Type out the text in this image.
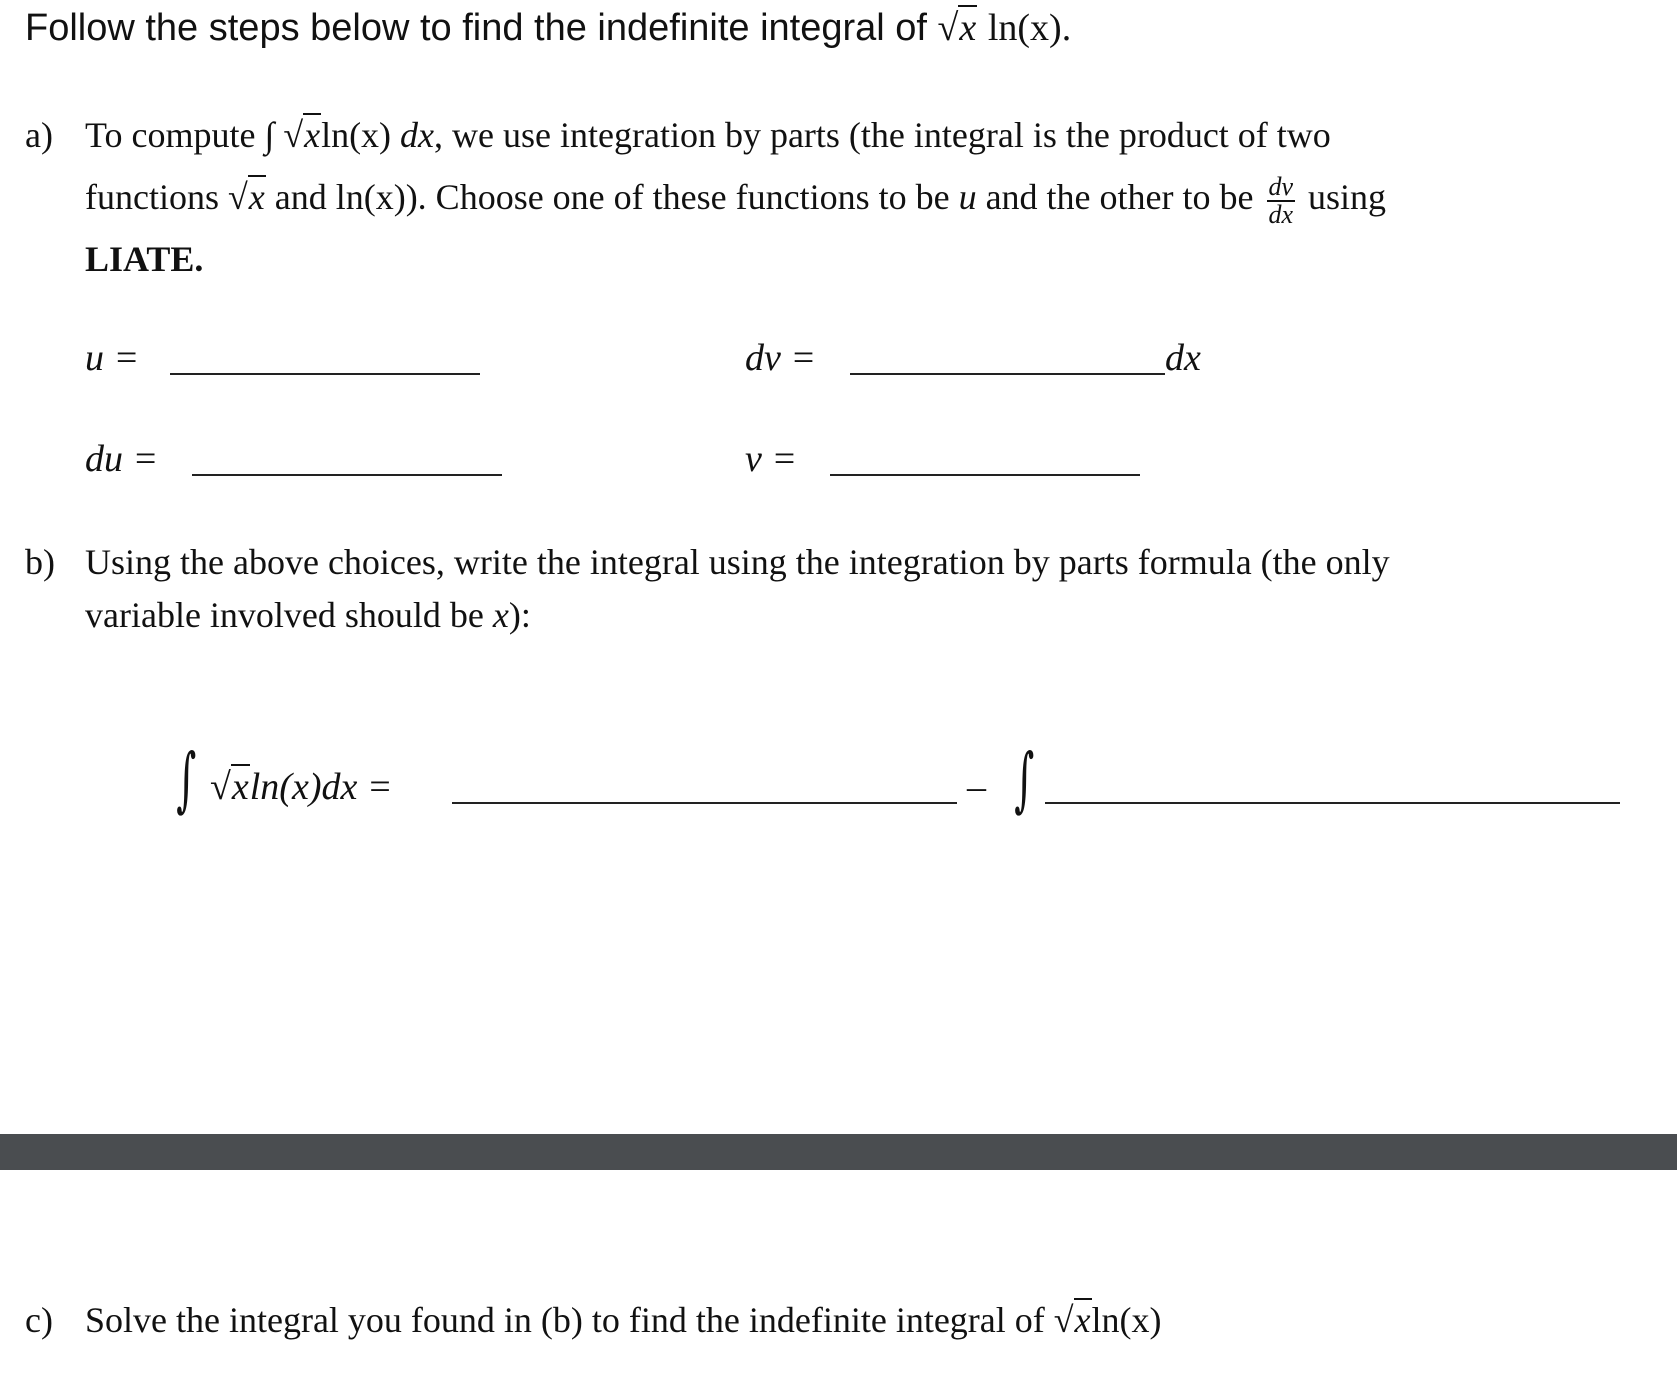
Follow the steps below to find the indefinite integral of √x ln(x).
a) To compute ∫ √xln(x) dx, we use integration by parts (the integral is the product of two
functions √x and ln(x)). Choose one of these functions to be u and the other to be $\frac{dv}{dx}$ using
LIATE.
u =	dv =	dx
du =	v =
b) Using the above choices, write the integral using the integration by parts formula (the only
variable involved should be x):
∫ √xln(x)dx =	– ∫
c) Solve the integral you found in (b) to find the indefinite integral of √xln(x)
